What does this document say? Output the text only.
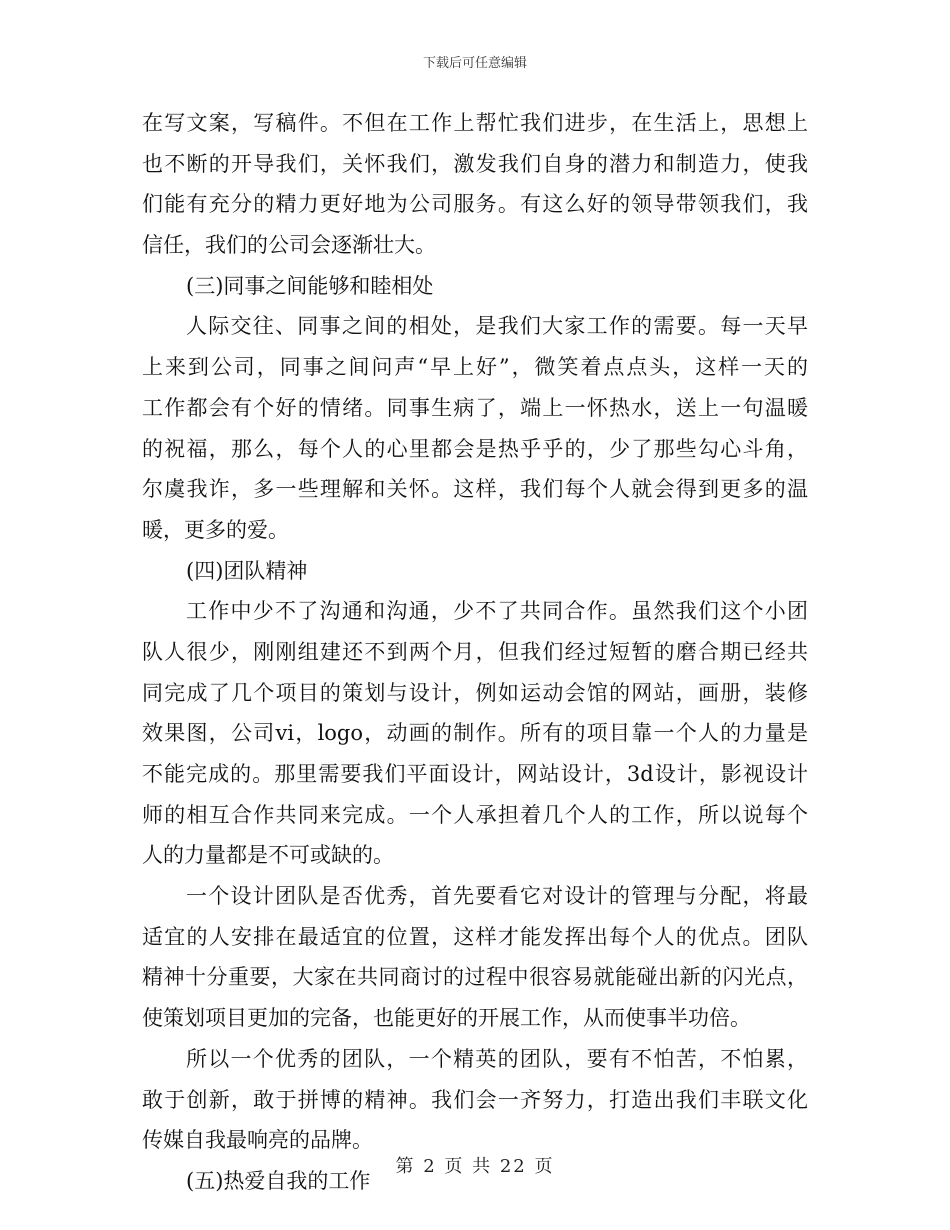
下载后可任意编辑
在写文案，写稿件。不但在工作上帮忙我们进步，在生活上，思想上
也不断的开导我们，关怀我们，激发我们自身的潜力和制造力，使我
们能有充分的精力更好地为公司服务。有这么好的领导带领我们，我
信任，我们的公司会逐渐壮大。
(三)同事之间能够和睦相处
人际交往、同事之间的相处，是我们大家工作的需要。每一天早
上来到公司，同事之间问声“早上好”，微笑着点点头，这样一天的
工作都会有个好的情绪。同事生病了，端上一怀热水，送上一句温暖
的祝福，那么，每个人的心里都会是热乎乎的，少了那些勾心斗角，
尔虞我诈，多一些理解和关怀。这样，我们每个人就会得到更多的温
暖，更多的爱。
(四)团队精神
工作中少不了沟通和沟通，少不了共同合作。虽然我们这个小团
队人很少，刚刚组建还不到两个月，但我们经过短暂的磨合期已经共
同完成了几个项目的策划与设计，例如运动会馆的网站，画册，装修
效果图，公司vi，logo，动画的制作。所有的项目靠一个人的力量是
不能完成的。那里需要我们平面设计，网站设计，3d设计，影视设计
师的相互合作共同来完成。一个人承担着几个人的工作，所以说每个
人的力量都是不可或缺的。
一个设计团队是否优秀，首先要看它对设计的管理与分配，将最
适宜的人安排在最适宜的位置，这样才能发挥出每个人的优点。团队
精神十分重要，大家在共同商讨的过程中很容易就能碰出新的闪光点，
使策划项目更加的完备，也能更好的开展工作，从而使事半功倍。
所以一个优秀的团队，一个精英的团队，要有不怕苦，不怕累，
敢于创新，敢于拼博的精神。我们会一齐努力，打造出我们丰联文化
传媒自我最响亮的品牌。
(五)热爱自我的工作
第 2 页 共 22 页
